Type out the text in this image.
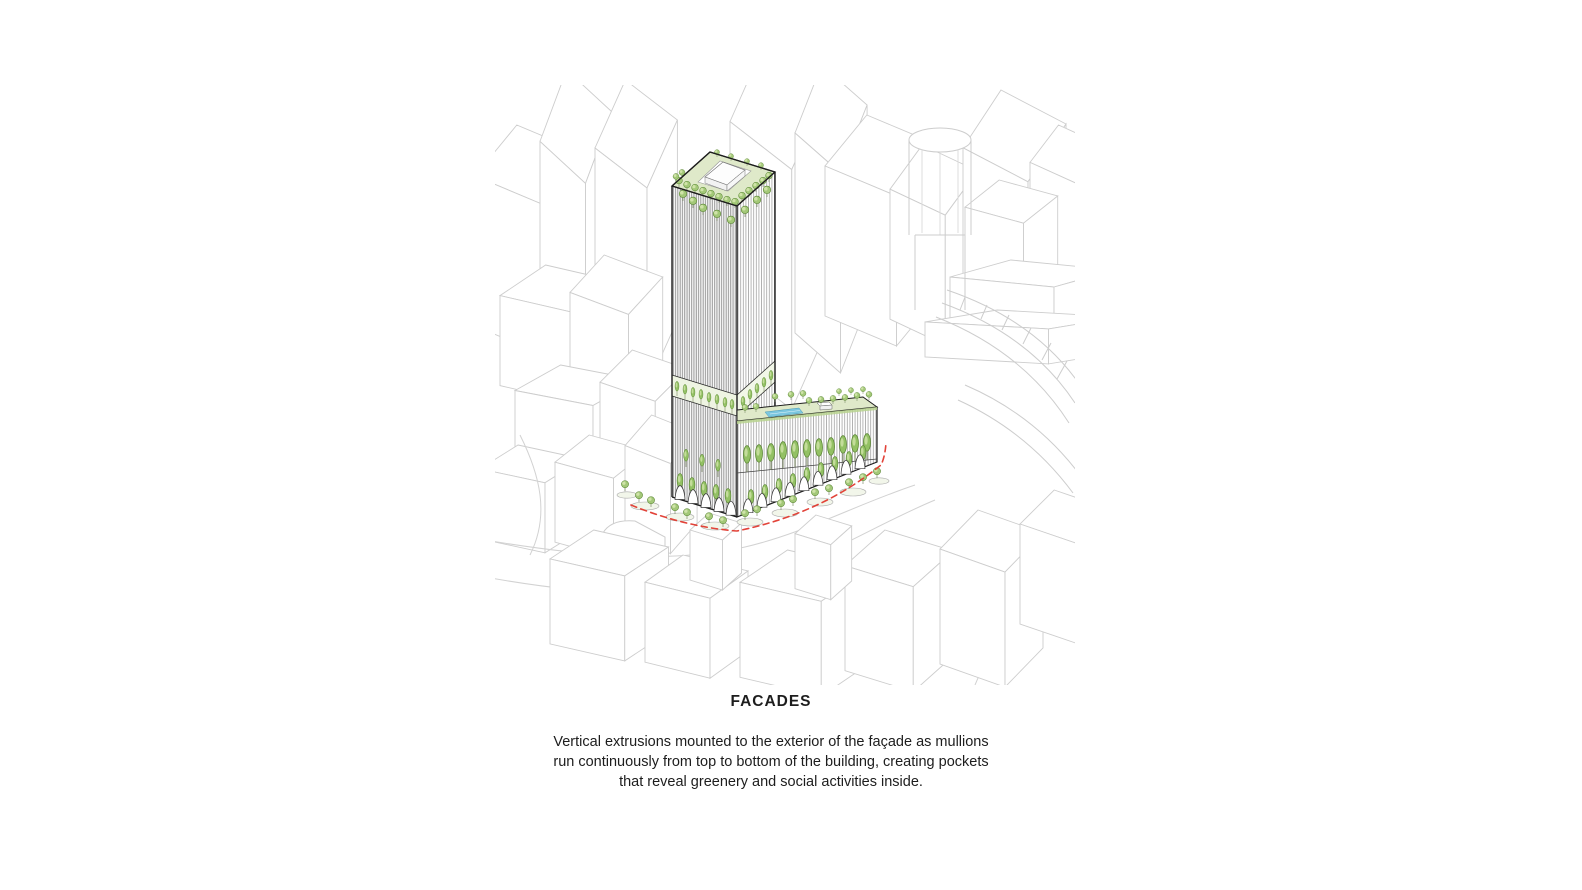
FACADES
Vertical extrusions mounted to the exterior of the façade as mullions
run continuously from top to bottom of the building, creating pockets
that reveal greenery and social activities inside.
